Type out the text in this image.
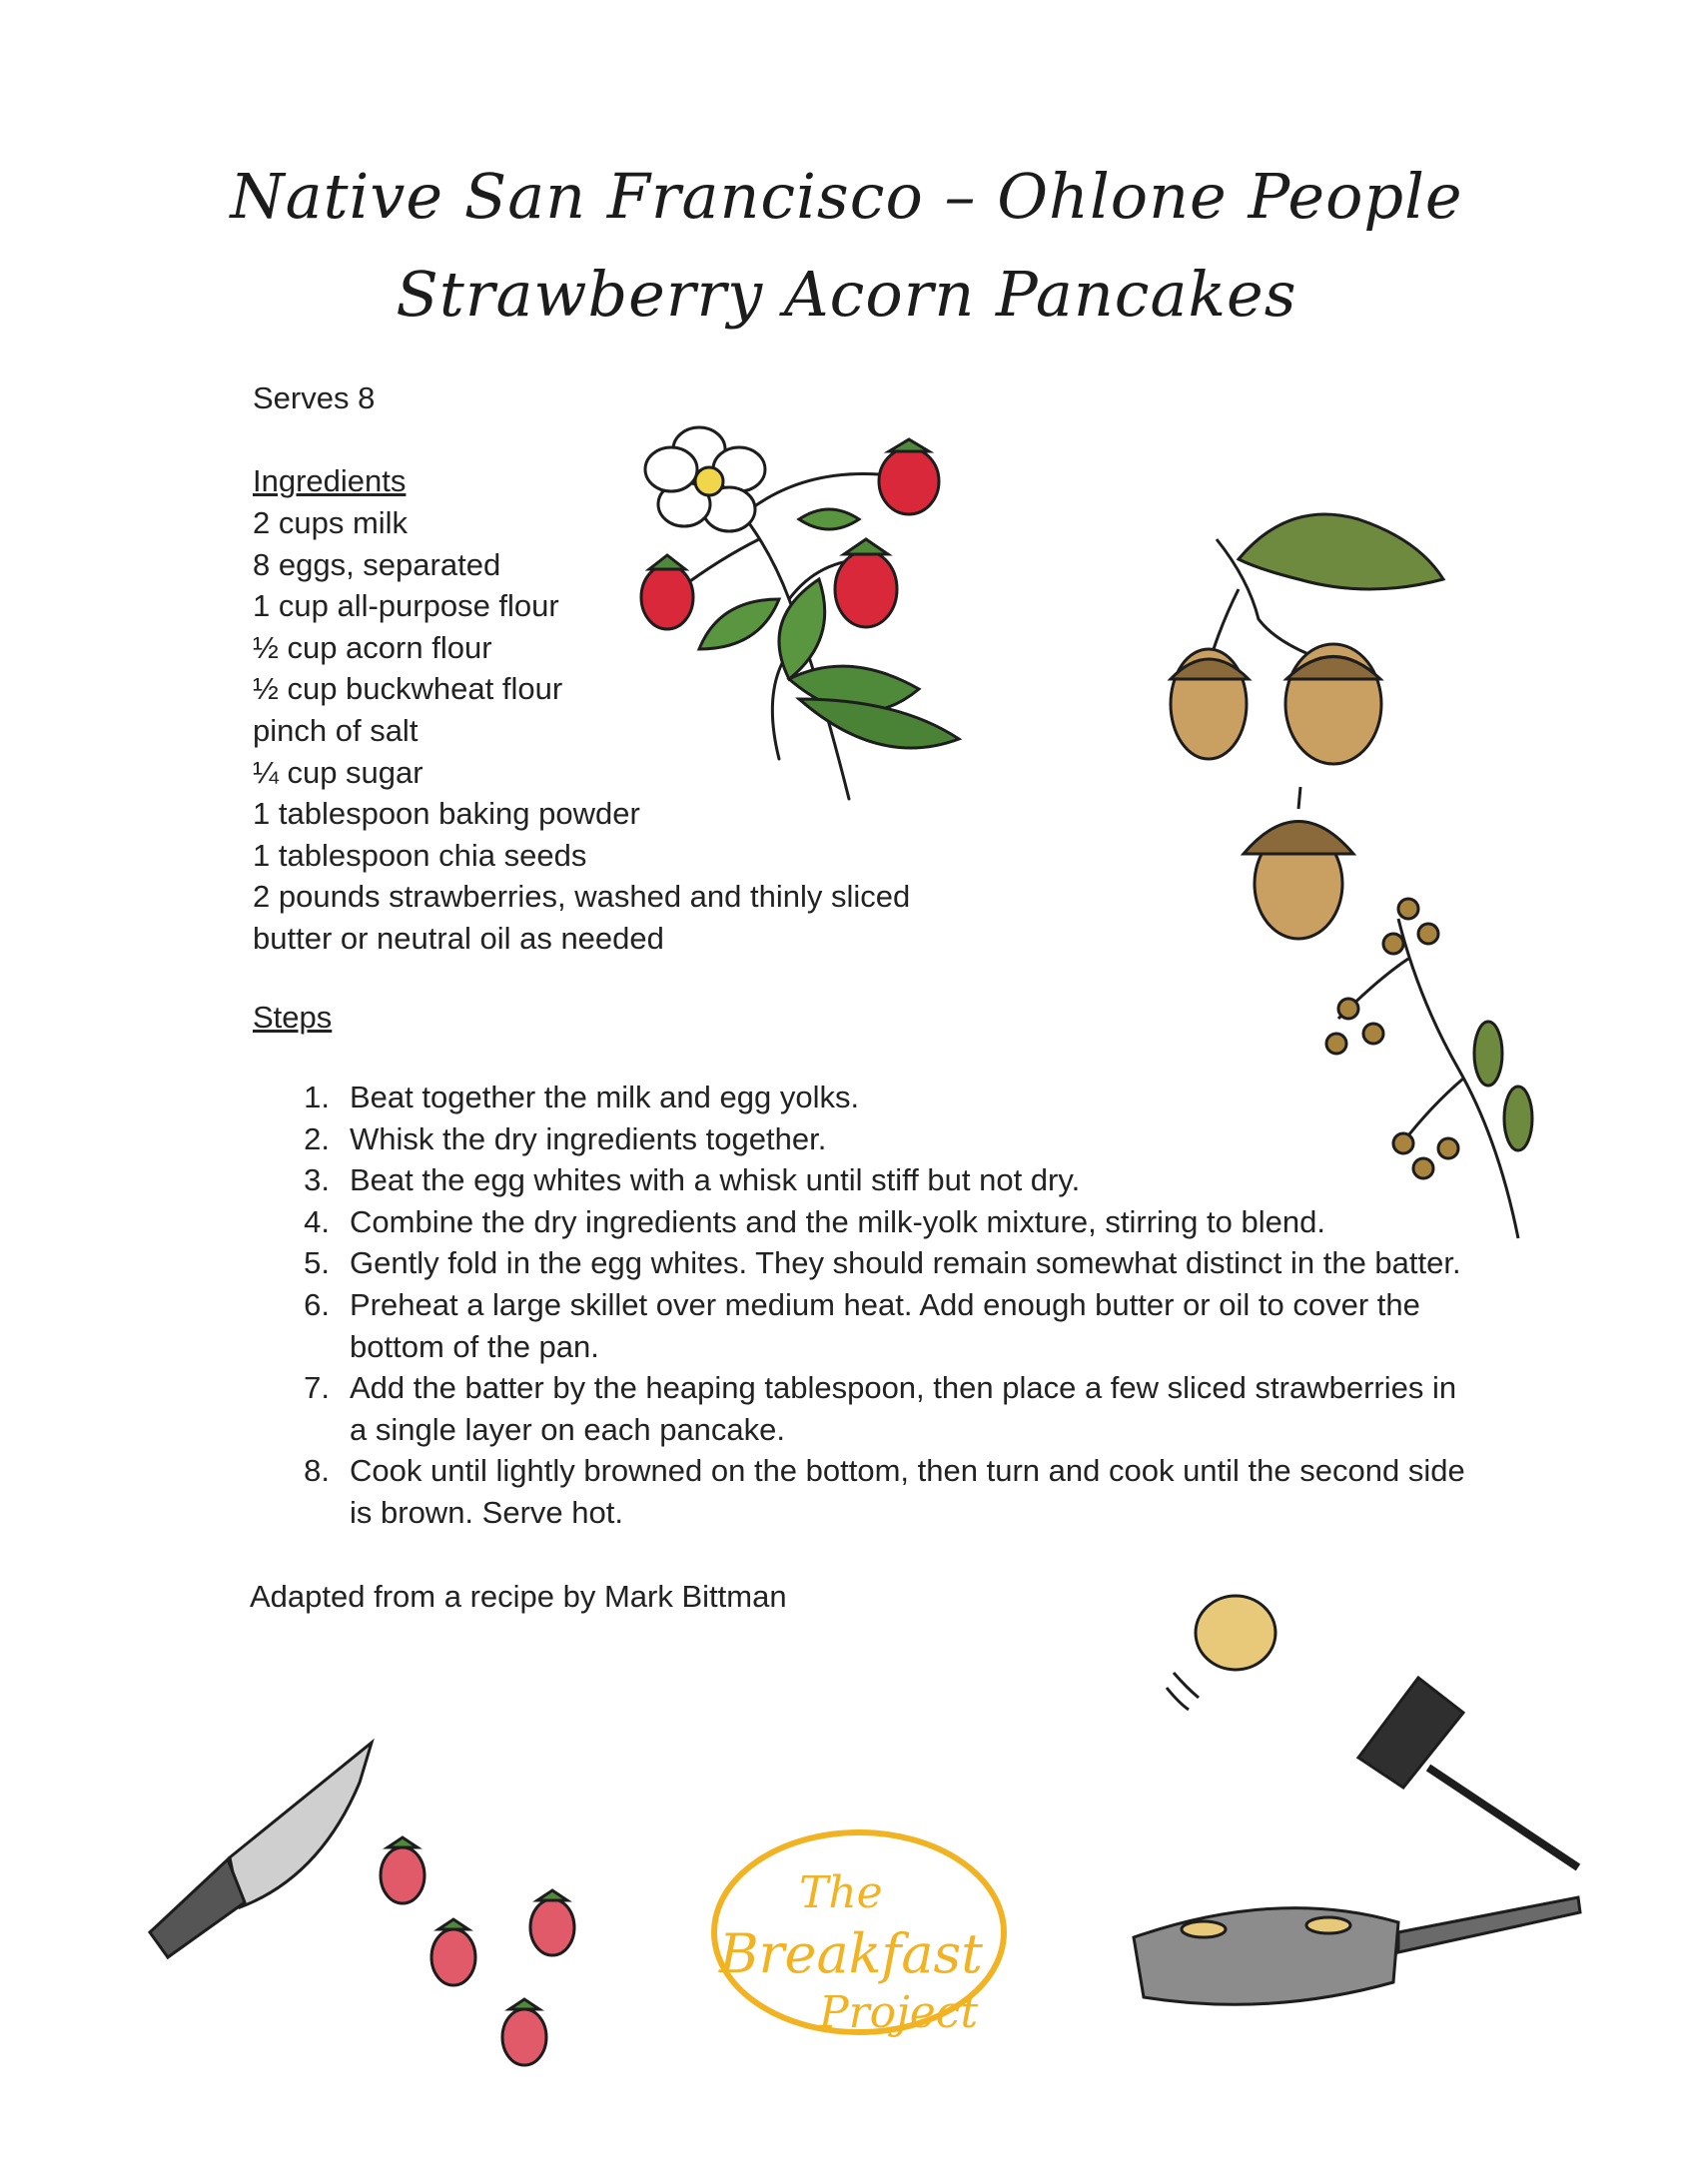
The
Breakfast
Project
Native San Francisco – Ohlone People
Strawberry Acorn Pancakes
Serves 8
Ingredients
2 cups milk
8 eggs, separated
1 cup all-purpose flour
½ cup acorn flour
½ cup buckwheat flour
pinch of salt
¼ cup sugar
1 tablespoon baking powder
1 tablespoon chia seeds
2 pounds strawberries, washed and thinly sliced
butter or neutral oil as needed
Steps
1. Beat together the milk and egg yolks.
2. Whisk the dry ingredients together.
3. Beat the egg whites with a whisk until stiff but not dry.
4. Combine the dry ingredients and the milk-yolk mixture, stirring to blend.
5. Gently fold in the egg whites. They should remain somewhat distinct in the batter.
6. Preheat a large skillet over medium heat. Add enough butter or oil to cover the bottom of the pan.
7. Add the batter by the heaping tablespoon, then place a few sliced strawberries in a single layer on each pancake.
8. Cook until lightly browned on the bottom, then turn and cook until the second side is brown. Serve hot.
Adapted from a recipe by Mark Bittman
